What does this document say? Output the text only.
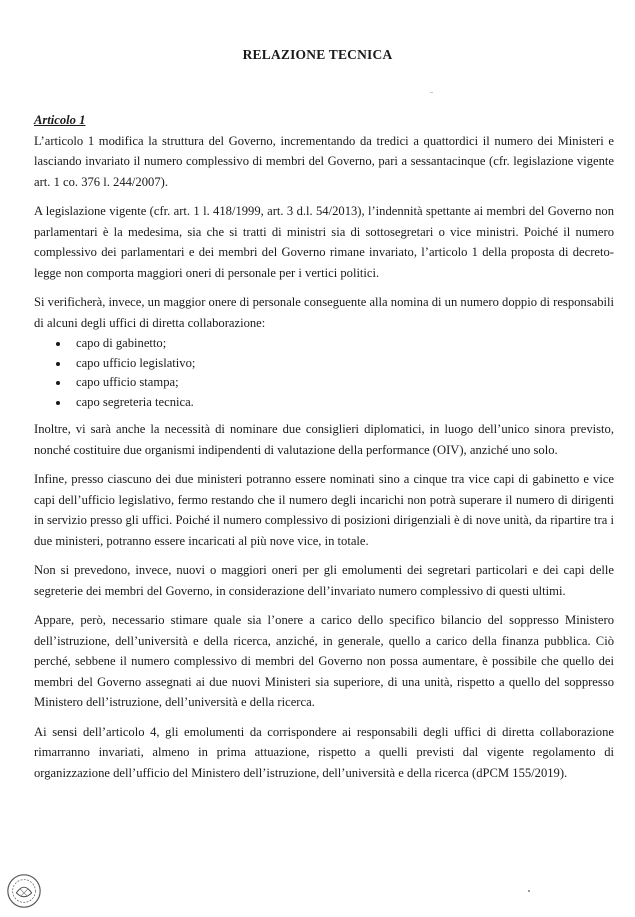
RELAZIONE TECNICA
Articolo 1

L’articolo 1 modifica la struttura del Governo, incrementando da tredici a quattordici il numero dei Ministeri e lasciando invariato il numero complessivo di membri del Governo, pari a sessantacinque (cfr. legislazione vigente art. 1 co. 376 l. 244/2007).

A legislazione vigente (cfr. art. 1 l. 418/1999, art. 3 d.l. 54/2013), l’indennità spettante ai membri del Governo non parlamentari è la medesima, sia che si tratti di ministri sia di sottosegretari o vice ministri. Poiché il numero complessivo dei parlamentari e dei membri del Governo rimane invariato, l’articolo 1 della proposta di decreto-legge non comporta maggiori oneri di personale per i vertici politici.

Si verificherà, invece, un maggior onere di personale conseguente alla nomina di un numero doppio di responsabili di alcuni degli uffici di diretta collaborazione:

capo di gabinetto;
capo ufficio legislativo;
capo ufficio stampa;
capo segreteria tecnica.

Inoltre, vi sarà anche la necessità di nominare due consiglieri diplomatici, in luogo dell’unico sinora previsto, nonché costituire due organismi indipendenti di valutazione della performance (OIV), anziché uno solo.

Infine, presso ciascuno dei due ministeri potranno essere nominati sino a cinque tra vice capi di gabinetto e vice capi dell’ufficio legislativo, fermo restando che il numero degli incarichi non potrà superare il numero di dirigenti in servizio presso gli uffici. Poiché il numero complessivo di posizioni dirigenziali è di nove unità, da ripartire tra i due ministeri, potranno essere incaricati al più nove vice, in totale.

Non si prevedono, invece, nuovi o maggiori oneri per gli emolumenti dei segretari particolari e dei capi delle segreterie dei membri del Governo, in considerazione dell’invariato numero complessivo di questi ultimi.

Appare, però, necessario stimare quale sia l’onere a carico dello specifico bilancio del soppresso Ministero dell’istruzione, dell’università e della ricerca, anziché, in generale, quello a carico della finanza pubblica. Ciò perché, sebbene il numero complessivo di membri del Governo non possa aumentare, è possibile che quello dei membri del Governo assegnati ai due nuovi Ministeri sia superiore, di una unità, rispetto a quello del soppresso Ministero dell’istruzione, dell’università e della ricerca.

Ai sensi dell’articolo 4, gli emolumenti da corrispondere ai responsabili degli uffici di diretta collaborazione rimarranno invariati, almeno in prima attuazione, rispetto a quelli previsti dal vigente regolamento di organizzazione dell’ufficio del Ministero dell’istruzione, dell’università e della ricerca (dPCM 155/2019).
